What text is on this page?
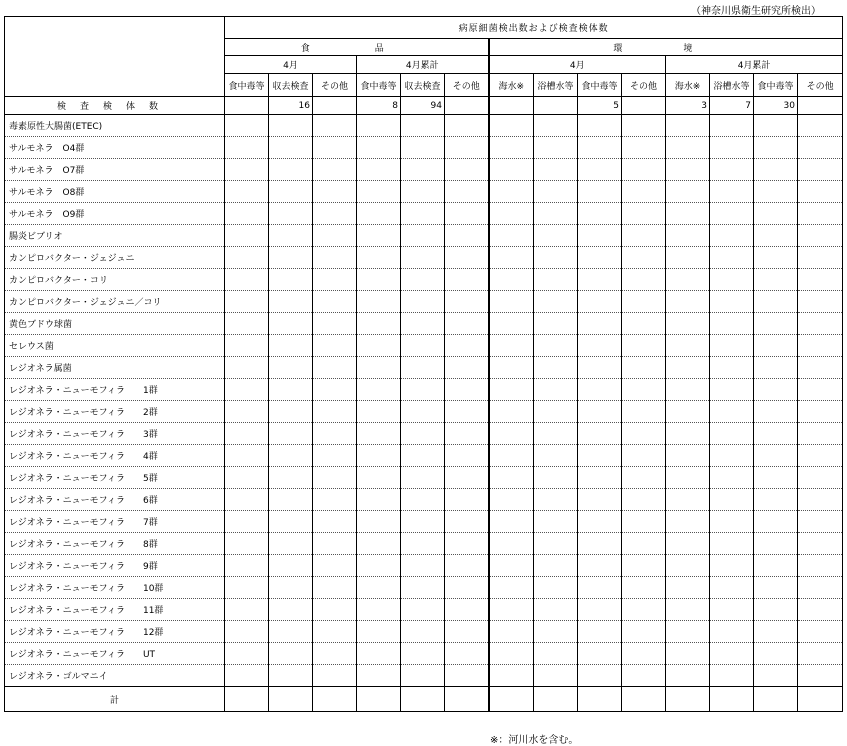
（神奈川県衛生研究所検出）
	病原細菌検出数および検査検体数													
	食　品						環　境							
	4月			4月累計			4月				4月累計			
	食中毒等	収去検査	その他	食中毒等	収去検査	その他	海水※	浴槽水等	食中毒等	その他	海水※	浴槽水等	食中毒等	その他
検査検体数		16		8	94				5		3	7	30	
毒素原性大腸菌(ETEC)														
サルモネラ　O4群														
サルモネラ　O7群														
サルモネラ　O8群														
サルモネラ　O9群														
腸炎ビブリオ														
カンピロバクター・ジェジュニ														
カンピロバクター・コリ														
カンピロバクター・ジェジュニ／コリ														
黄色ブドウ球菌														
セレウス菌														
レジオネラ属菌														
レジオネラ・ニューモフィラ　　1群														
レジオネラ・ニューモフィラ　　2群														
レジオネラ・ニューモフィラ　　3群														
レジオネラ・ニューモフィラ　　4群														
レジオネラ・ニューモフィラ　　5群														
レジオネラ・ニューモフィラ　　6群														
レジオネラ・ニューモフィラ　　7群														
レジオネラ・ニューモフィラ　　8群														
レジオネラ・ニューモフィラ　　9群														
レジオネラ・ニューモフィラ　　10群														
レジオネラ・ニューモフィラ　　11群														
レジオネラ・ニューモフィラ　　12群														
レジオネラ・ニューモフィラ　　UT														
レジオネラ・ゴルマニイ														
計														
※：河川水を含む。
